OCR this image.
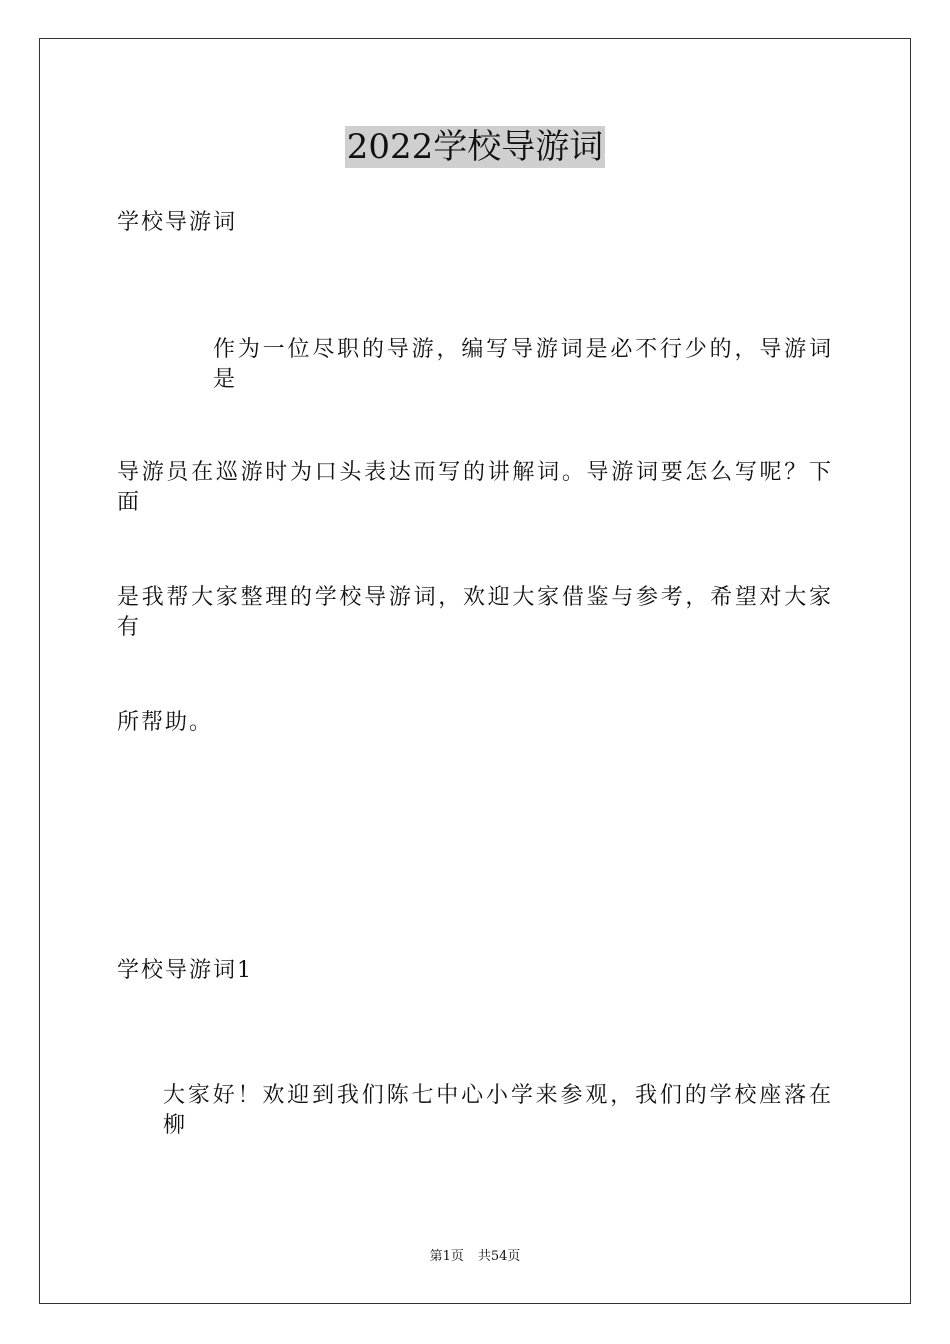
2022学校导游词
学校导游词
作为一位尽职的导游，编写导游词是必不行少的，导游词是
导游员在巡游时为口头表达而写的讲解词。导游词要怎么写呢？下面
是我帮大家整理的学校导游词，欢迎大家借鉴与参考，希望对大家有
所帮助。
学校导游词1
大家好！欢迎到我们陈七中心小学来参观，我们的学校座落在柳
第1页 共54页
